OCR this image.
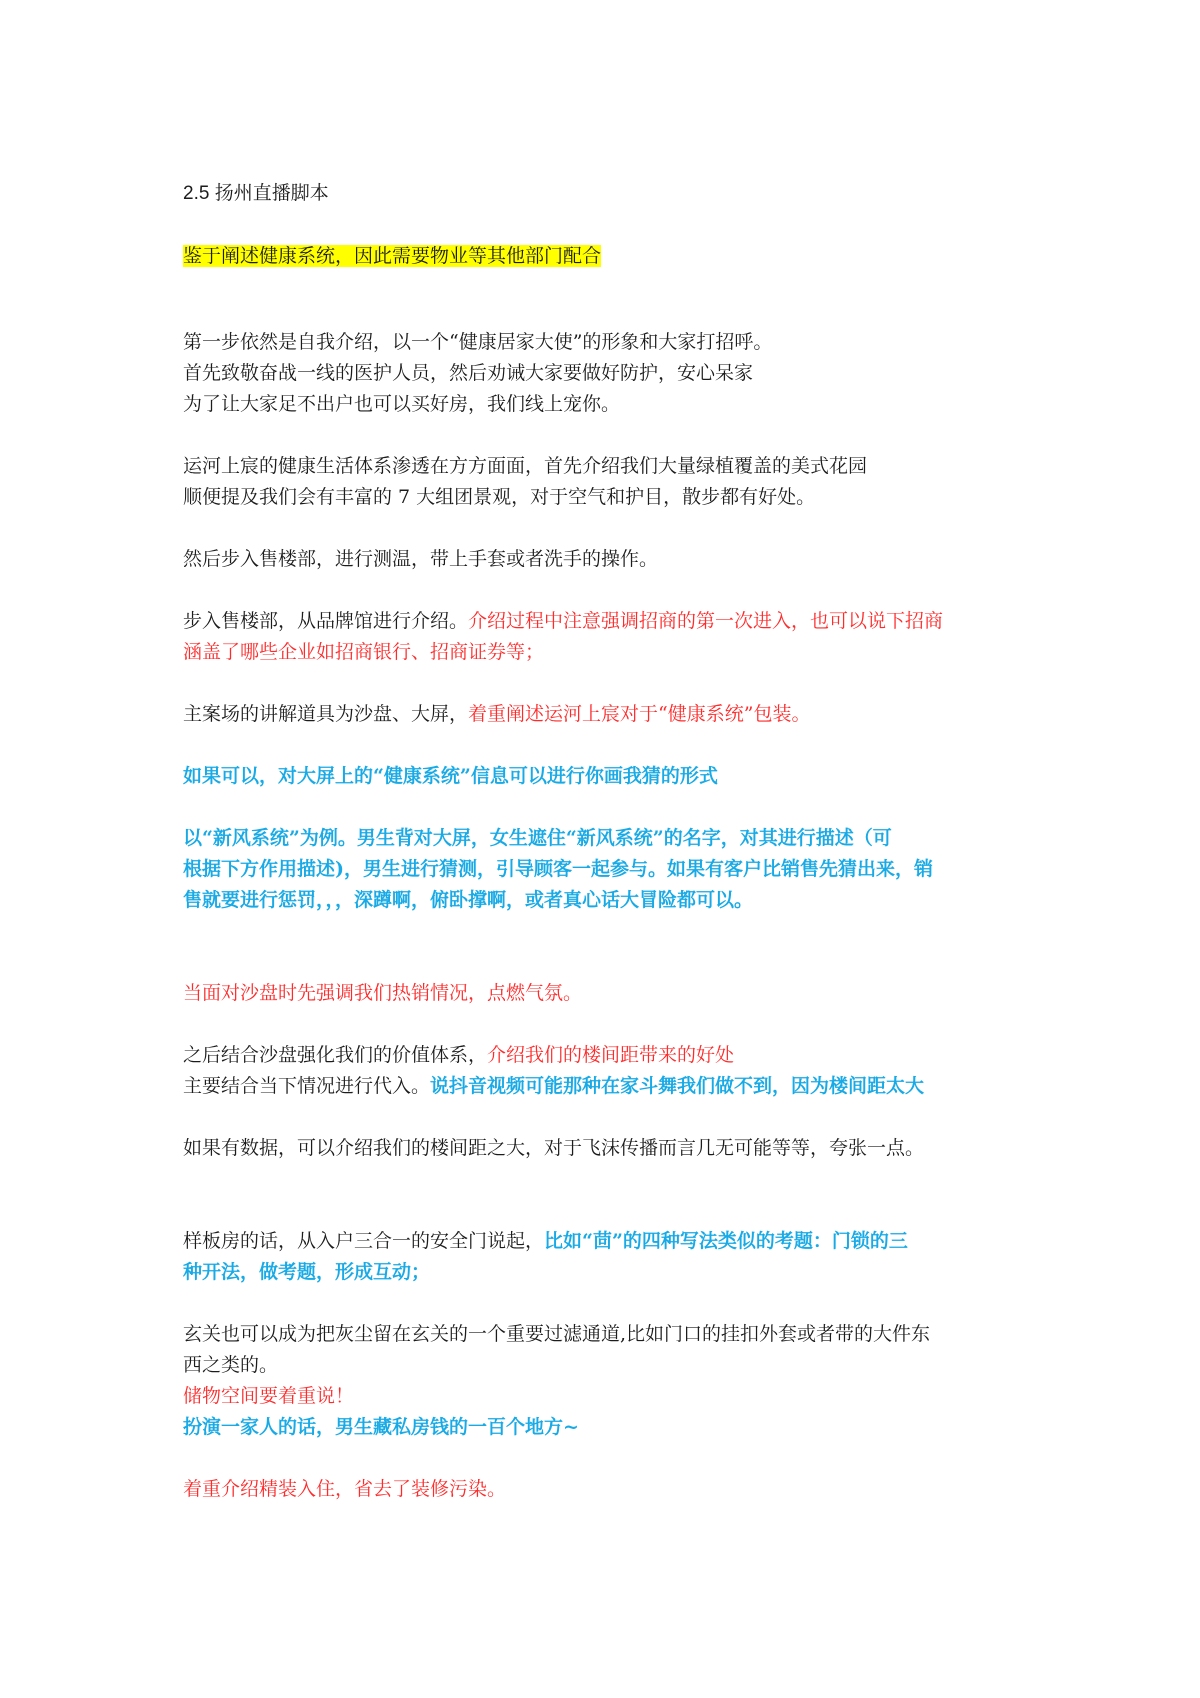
2.5 扬州直播脚本
鉴于阐述健康系统，因此需要物业等其他部门配合
第一步依然是自我介绍，以一个“健康居家大使”的形象和大家打招呼。
首先致敬奋战一线的医护人员，然后劝诫大家要做好防护，安心呆家
为了让大家足不出户也可以买好房，我们线上宠你。
运河上宸的健康生活体系渗透在方方面面，首先介绍我们大量绿植覆盖的美式花园
顺便提及我们会有丰富的 7 大组团景观，对于空气和护目，散步都有好处。
然后步入售楼部，进行测温，带上手套或者洗手的操作。
步入售楼部，从品牌馆进行介绍。介绍过程中注意强调招商的第一次进入，也可以说下招商
涵盖了哪些企业如招商银行、招商证券等；
主案场的讲解道具为沙盘、大屏，着重阐述运河上宸对于“健康系统”包装。
如果可以，对大屏上的“健康系统”信息可以进行你画我猜的形式
以“新风系统”为例。男生背对大屏，女生遮住“新风系统”的名字，对其进行描述（可
根据下方作用描述)，男生进行猜测，引导顾客一起参与。如果有客户比销售先猜出来，销
售就要进行惩罚，，，深蹲啊，俯卧撑啊，或者真心话大冒险都可以。
当面对沙盘时先强调我们热销情况，点燃气氛。
之后结合沙盘强化我们的价值体系，介绍我们的楼间距带来的好处
主要结合当下情况进行代入。说抖音视频可能那种在家斗舞我们做不到，因为楼间距太大
如果有数据，可以介绍我们的楼间距之大，对于飞沫传播而言几无可能等等，夸张一点。
样板房的话，从入户三合一的安全门说起，比如“茴”的四种写法类似的考题：门锁的三
种开法，做考题，形成互动；
玄关也可以成为把灰尘留在玄关的一个重要过滤通道,比如门口的挂扣外套或者带的大件东
西之类的。
储物空间要着重说！
扮演一家人的话，男生藏私房钱的一百个地方~
着重介绍精装入住，省去了装修污染。
